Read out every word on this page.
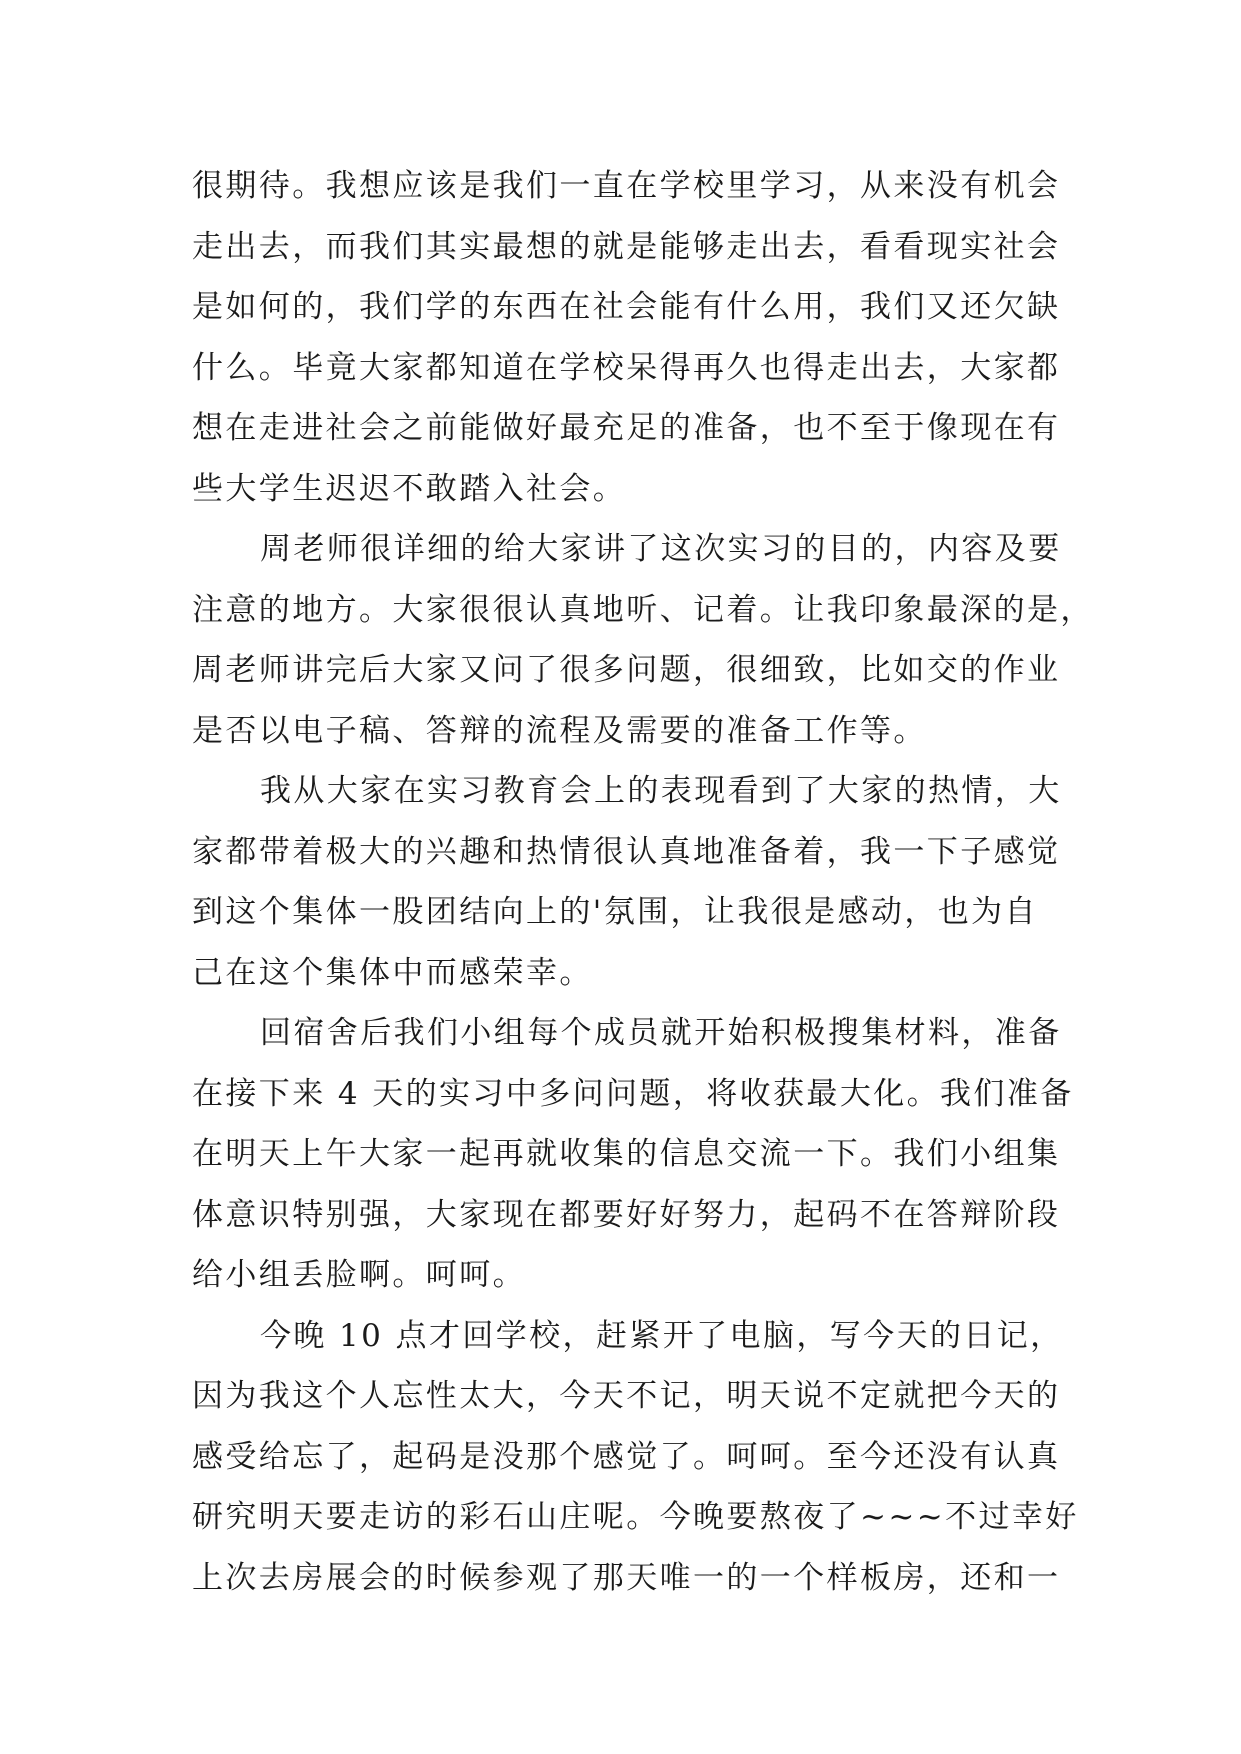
很期待。我想应该是我们一直在学校里学习，从来没有机会
走出去，而我们其实最想的就是能够走出去，看看现实社会
是如何的，我们学的东西在社会能有什么用，我们又还欠缺
什么。毕竟大家都知道在学校呆得再久也得走出去，大家都
想在走进社会之前能做好最充足的准备，也不至于像现在有
些大学生迟迟不敢踏入社会。
周老师很详细的给大家讲了这次实习的目的，内容及要
注意的地方。大家很很认真地听、记着。让我印象最深的是，
周老师讲完后大家又问了很多问题，很细致，比如交的作业
是否以电子稿、答辩的流程及需要的准备工作等。
我从大家在实习教育会上的表现看到了大家的热情，大
家都带着极大的兴趣和热情很认真地准备着，我一下子感觉
到这个集体一股团结向上的'氛围，让我很是感动，也为自
己在这个集体中而感荣幸。
回宿舍后我们小组每个成员就开始积极搜集材料，准备
在接下来 4 天的实习中多问问题，将收获最大化。我们准备
在明天上午大家一起再就收集的信息交流一下。我们小组集
体意识特别强，大家现在都要好好努力，起码不在答辩阶段
给小组丢脸啊。呵呵。
今晚 10 点才回学校，赶紧开了电脑，写今天的日记，
因为我这个人忘性太大，今天不记，明天说不定就把今天的
感受给忘了，起码是没那个感觉了。呵呵。至今还没有认真
研究明天要走访的彩石山庄呢。今晚要熬夜了~~~不过幸好
上次去房展会的时候参观了那天唯一的一个样板房，还和一
